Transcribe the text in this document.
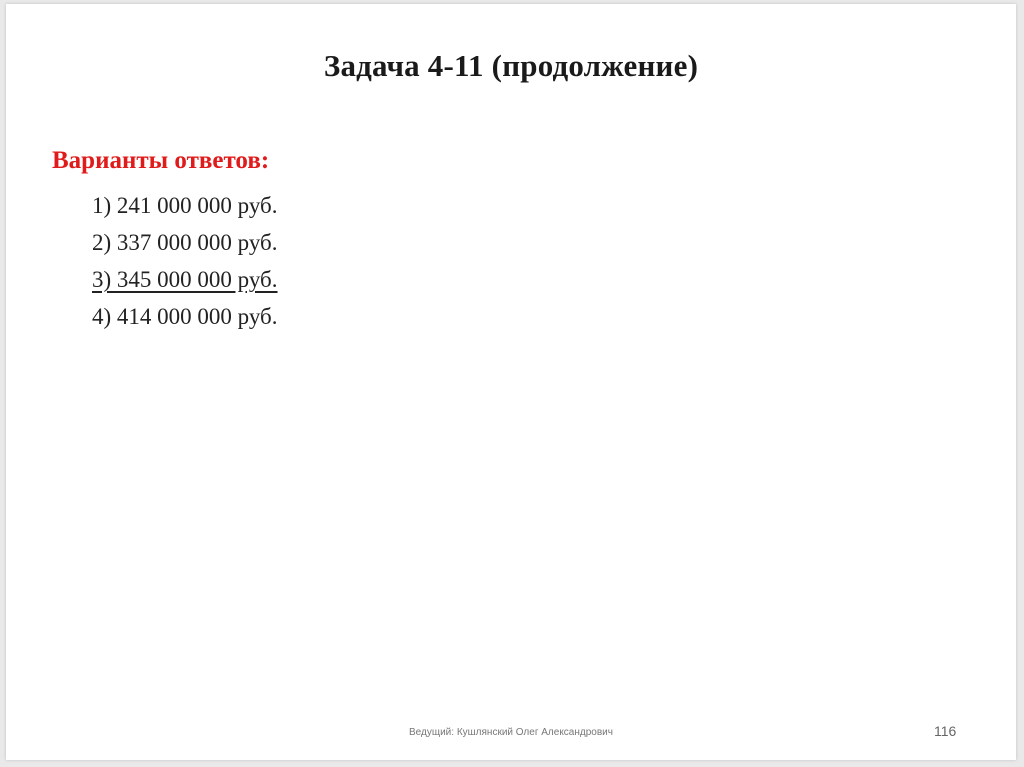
Задача 4-11 (продолжение)
Варианты ответов:
1) 241 000 000 руб.
2) 337 000 000 руб.
3) 345 000 000 руб.
4) 414 000 000 руб.
Ведущий: Кушлянский Олег Александрович	116
